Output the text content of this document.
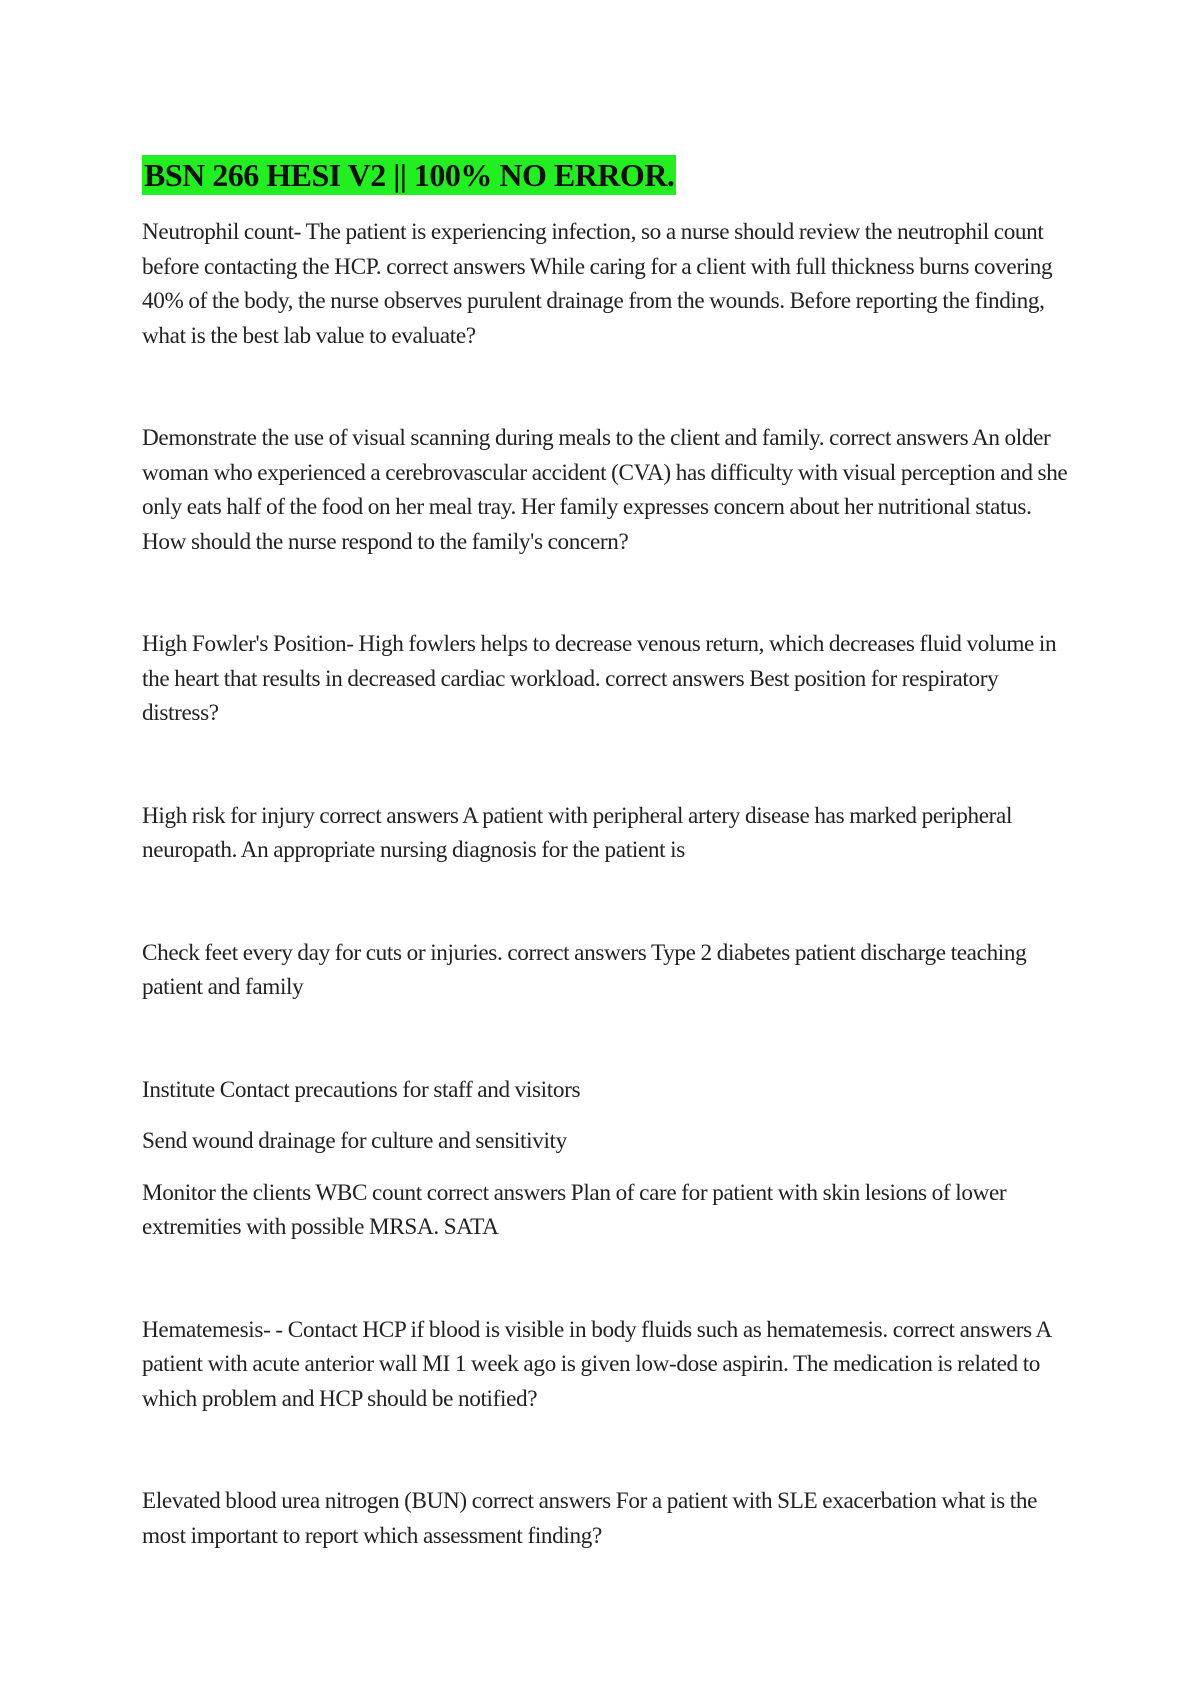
BSN 266 HESI V2 || 100% NO ERROR.

Neutrophil count- The patient is experiencing infection, so a nurse should review the neutrophil count before contacting the HCP. correct answers While caring for a client with full thickness burns covering 40% of the body, the nurse observes purulent drainage from the wounds. Before reporting the finding, what is the best lab value to evaluate?

Demonstrate the use of visual scanning during meals to the client and family. correct answers An older woman who experienced a cerebrovascular accident (CVA) has difficulty with visual perception and she only eats half of the food on her meal tray. Her family expresses concern about her nutritional status. How should the nurse respond to the family's concern?

High Fowler's Position- High fowlers helps to decrease venous return, which decreases fluid volume in the heart that results in decreased cardiac workload. correct answers Best position for respiratory distress?

High risk for injury correct answers A patient with peripheral artery disease has marked peripheral neuropath. An appropriate nursing diagnosis for the patient is

Check feet every day for cuts or injuries. correct answers Type 2 diabetes patient discharge teaching patient and family

Institute Contact precautions for staff and visitors

Send wound drainage for culture and sensitivity

Monitor the clients WBC count correct answers Plan of care for patient with skin lesions of lower extremities with possible MRSA. SATA

Hematemesis- - Contact HCP if blood is visible in body fluids such as hematemesis. correct answers A patient with acute anterior wall MI 1 week ago is given low-dose aspirin. The medication is related to which problem and HCP should be notified?

Elevated blood urea nitrogen (BUN) correct answers For a patient with SLE exacerbation what is the most important to report which assessment finding?
